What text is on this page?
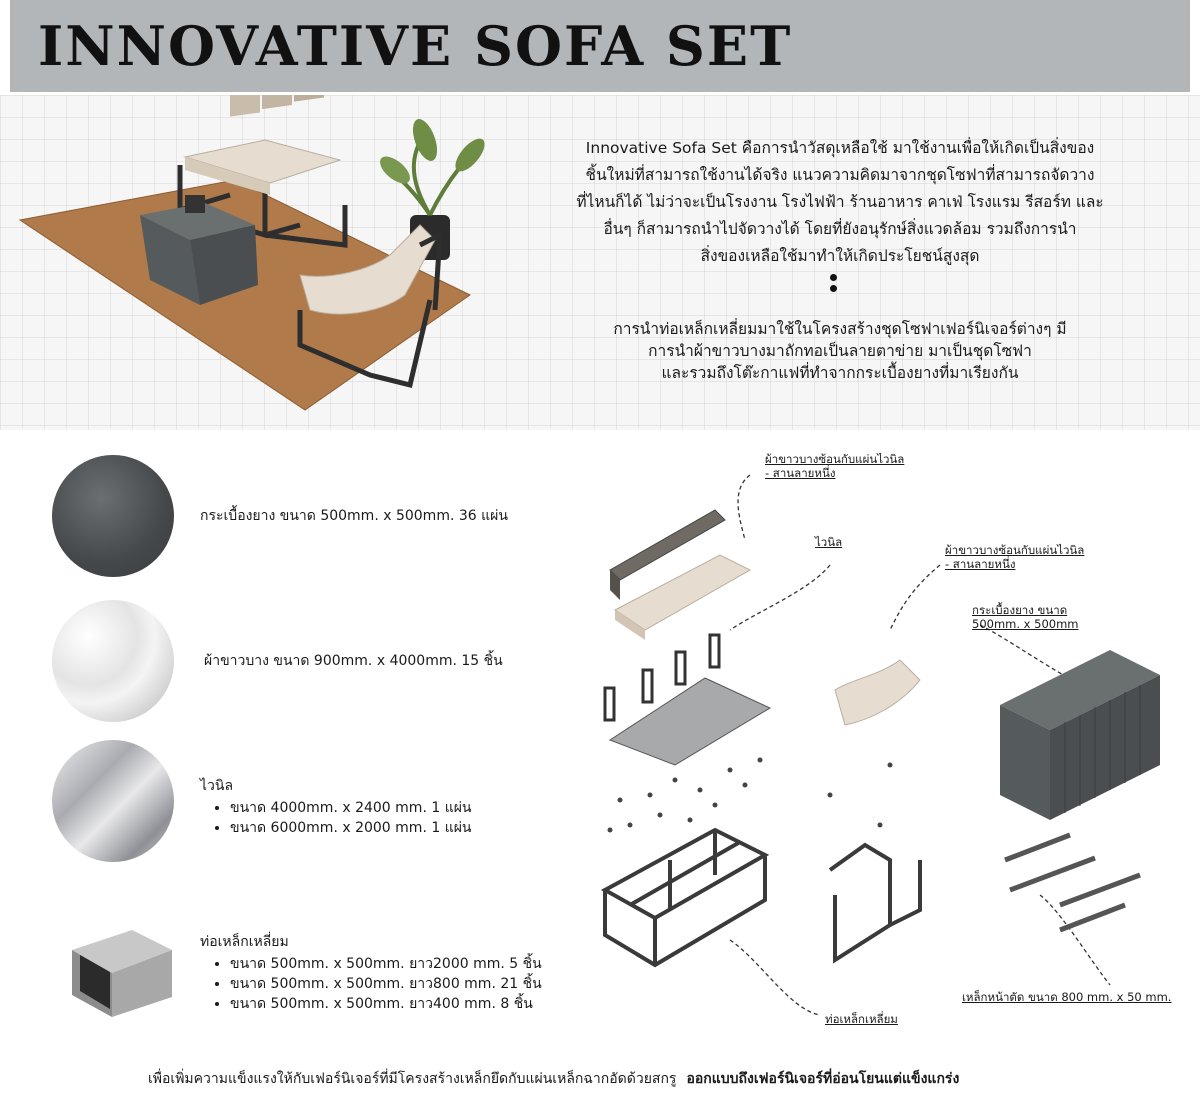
INNOVATIVE SOFA SET

Innovative Sofa Set คือการนำวัสดุเหลือใช้ มาใช้งานเพื่อให้เกิดเป็นสิ่งของ

ชิ้นใหม่ที่สามารถใช้งานได้จริง แนวความคิดมาจากชุดโซฟาที่สามารถจัดวาง

ที่ไหนก็ได้ ไม่ว่าจะเป็นโรงงาน โรงไฟฟ้า ร้านอาหาร คาเฟ่ โรงแรม รีสอร์ท และ

อื่นๆ ก็สามารถนำไปจัดวางได้ โดยที่ยังอนุรักษ์สิ่งแวดล้อม รวมถึงการนำ

สิ่งของเหลือใช้มาทำให้เกิดประโยชน์สูงสุด

การนำท่อเหล็กเหลี่ยมมาใช้ในโครงสร้างชุดโซฟาเฟอร์นิเจอร์ต่างๆ มี

การนำผ้าขาวบางมาถักทอเป็นลายตาข่าย มาเป็นชุดโซฟา

และรวมถึงโต๊ะกาแฟที่ทำจากกระเบื้องยางที่มาเรียงกัน

กระเบื้องยาง ขนาด 500mm. x 500mm. 36 แผ่น
ผ้าขาวบาง ขนาด 900mm. x 4000mm. 15 ชิ้น
ไวนิล
• ขนาด 4000mm. x 2400 mm. 1 แผ่น
• ขนาด 6000mm. x 2000 mm. 1 แผ่น
ท่อเหล็กเหลี่ยม
• ขนาด 500mm. x 500mm. ยาว2000 mm. 5 ชิ้น
• ขนาด 500mm. x 500mm. ยาว800 mm. 21 ชิ้น
• ขนาด 500mm. x 500mm. ยาว400 mm. 8 ชิ้น
ผ้าขาวบางซ้อนกับแผ่นไวนิล
- สานลายหนึ่ง
ไวนิล
ผ้าขาวบางซ้อนกับแผ่นไวนิล
- สานลายหนึ่ง
กระเบื้องยาง ขนาด
500mm. x 500mm
ท่อเหล็กเหลี่ยม
เหล็กหน้าตัด ขนาด 800 mm. x 50 mm.
เพื่อเพิ่มความแข็งแรงให้กับเฟอร์นิเจอร์ที่มีโครงสร้างเหล็กยึดกับแผ่นเหล็กฉากอัดด้วยสกรู ออกแบบถึงเฟอร์นิเจอร์ที่อ่อนโยนแต่แข็งแกร่ง
